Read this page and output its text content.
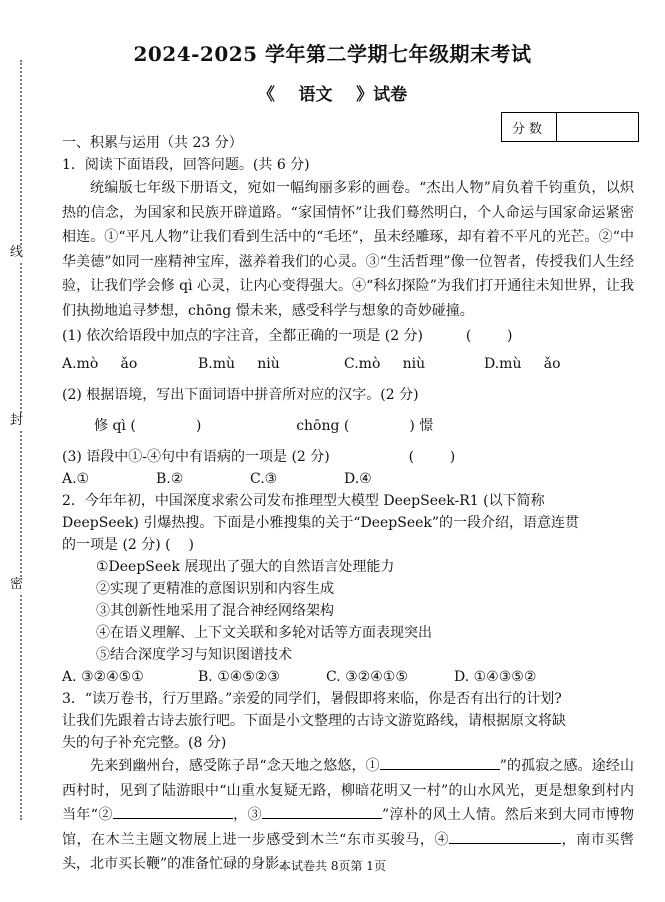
线
封
密
2024-2025 学年第二学期七年级期末考试
《    语文    》试卷
分数
一、积累与运用（共 23 分）
1．阅读下面语段，回答问题。(共 6 分)
统编版七年级下册语文，宛如一幅绚丽多彩的画卷。“杰出人物”肩负着千钧重负，以炽热的信念，为国家和民族开辟道路。“家国情怀”让我们蓦然明白，个人命运与国家命运紧密相连。①“平凡人物”让我们看到生活中的“毛坯”，虽未经雕琢，却有着不平凡的光芒。②“中华美德”如同一座精神宝库，滋养着我们的心灵。③“生活哲理”像一位智者，传授我们人生经验，让我们学会修 qì 心灵，让内心变得强大。④“科幻探险”为我们打开通往未知世界，让我们执拗地追寻梦想，chōng 憬未来，感受科学与想象的奇妙碰撞。
(1) 依次给语段中加点的字注音，全都正确的一项是 (2 分)	(        )
A.mò     ǎo	B.mù     niù	C.mò     niù	D.mù     ǎo
(2) 根据语境，写出下面词语中拼音所对应的汉字。(2 分)
修 qì (	)	chōng (	) 憬
(3) 语段中①-④句中有语病的一项是 (2 分)	(        )
A.①	B.②	C.③	D.④
2．今年年初，中国深度求索公司发布推理型大模型 DeepSeek-R1 (以下简称
DeepSeek) 引爆热搜。下面是小雅搜集的关于“DeepSeek”的一段介绍，语意连贯
的一项是 (2 分) (    )
①DeepSeek 展现出了强大的自然语言处理能力
②实现了更精准的意图识别和内容生成
③其创新性地采用了混合神经网络架构
④在语义理解、上下文关联和多轮对话等方面表现突出
⑤结合深度学习与知识图谱技术
A. ③②④⑤①	B. ①④⑤②③	C. ③②④①⑤	D. ①④③⑤②
3．“读万卷书，行万里路。”亲爱的同学们，暑假即将来临，你是否有出行的计划?
让我们先跟着古诗去旅行吧。下面是小文整理的古诗文游览路线，请根据原文将缺
失的句子补充完整。(8 分)
先来到幽州台，感受陈子昂“念天地之悠悠，①	”的孤寂之感。途经山西村时，见到了陆游眼中“山重水复疑无路，柳暗花明又一村”的山水风光，更是想象到村内当年“②	，③	”淳朴的风土人情。然后来到大同市博物馆，在木兰主题文物展上进一步感受到木兰“东市买骏马，④	，南市买辔头，北市买长鞭”的准备忙碌的身影。
本试卷共 8页第 1页
